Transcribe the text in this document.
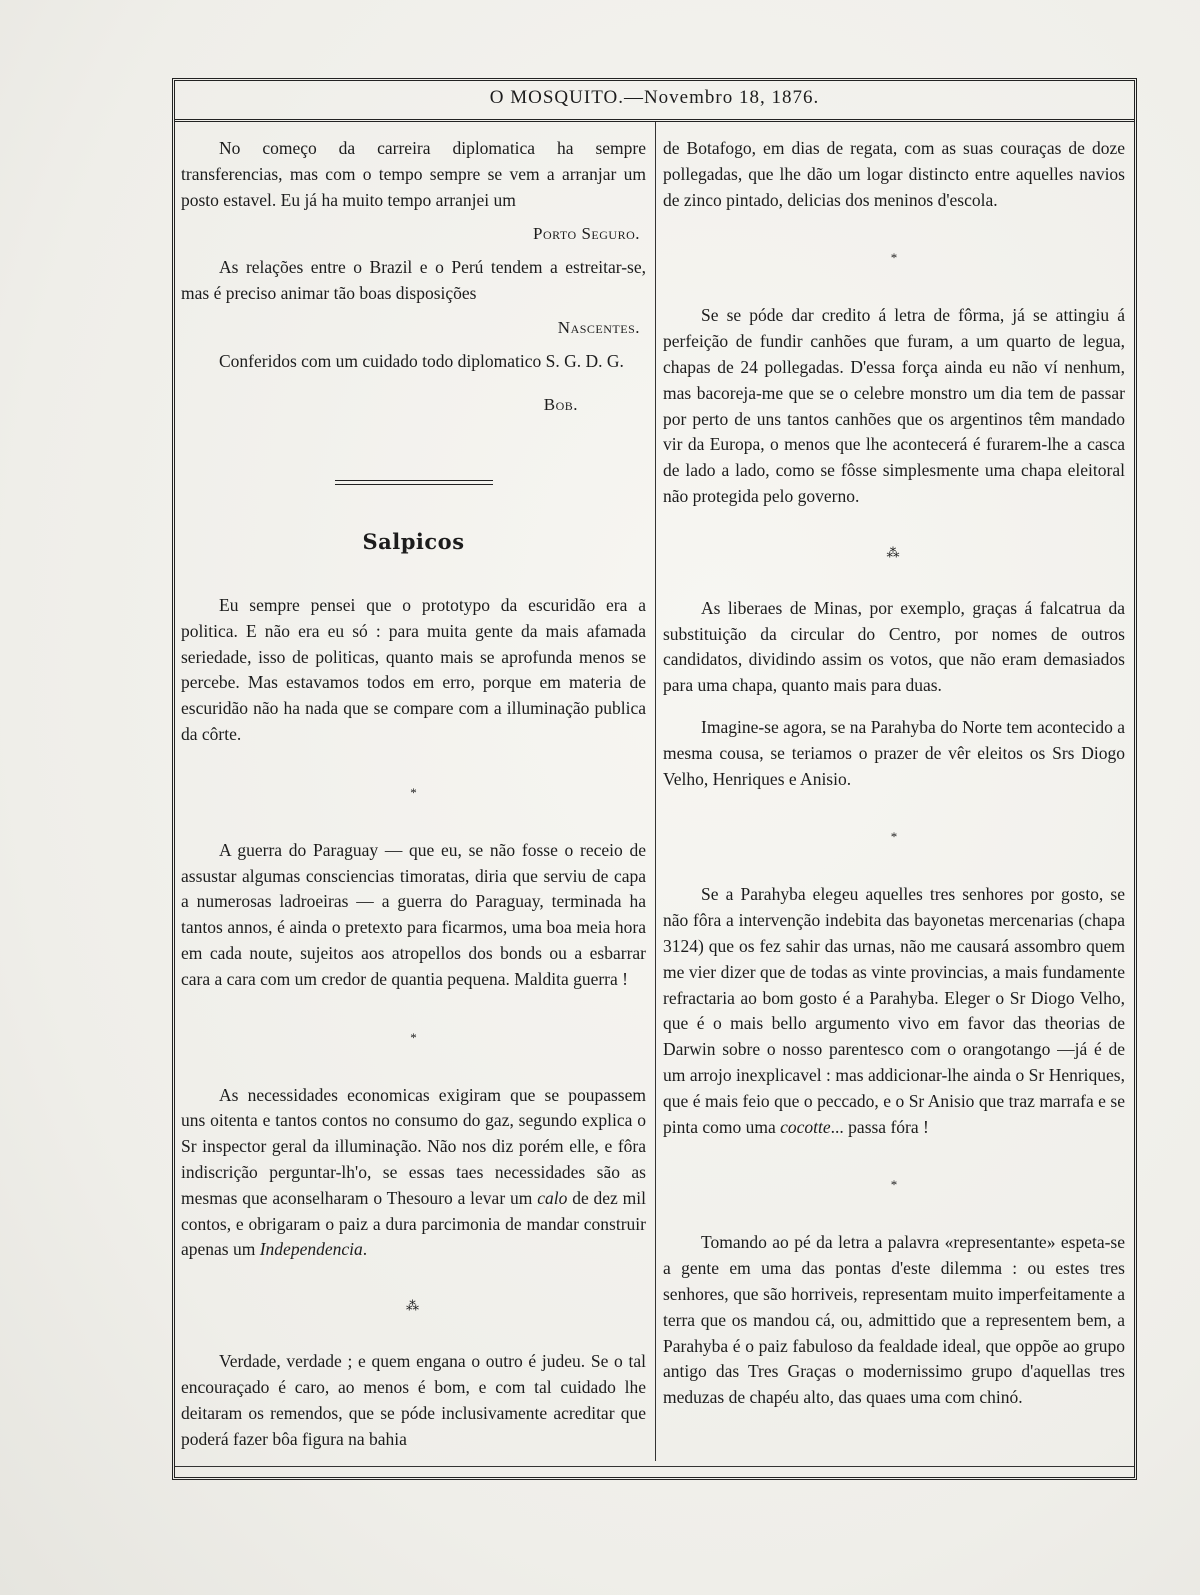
O MOSQUITO.—Novembro 18, 1876.

No começo da carreira diplomatica ha sempre transferencias, mas com o tempo sempre se vem a arranjar um posto estavel. Eu já ha muito tempo arranjei um

Porto Seguro.

As relações entre o Brazil e o Perú tendem a estreitar-se, mas é preciso animar tão boas disposições

Nascentes.

Conferidos com um cuidado todo diplomatico S. G. D. G.

Bob.
Salpicos

Eu sempre pensei que o prototypo da escuridão era a politica. E não era eu só : para muita gente da mais afamada seriedade, isso de politicas, quanto mais se aprofunda menos se percebe. Mas estavamos todos em erro, porque em materia de escuridão não ha nada que se compare com a illuminação publica da côrte.

*

A guerra do Paraguay — que eu, se não fosse o receio de assustar algumas consciencias timoratas, diria que serviu de capa a numerosas ladroeiras — a guerra do Paraguay, terminada ha tantos annos, é ainda o pretexto para ficarmos, uma boa meia hora em cada noute, sujeitos aos atropellos dos bonds ou a esbarrar cara a cara com um credor de quantia pequena. Maldita guerra !

*

As necessidades economicas exigiram que se poupassem uns oitenta e tantos contos no consumo do gaz, segundo explica o Sr inspector geral da illuminação. Não nos diz porém elle, e fôra indiscrição perguntar-lh'o, se essas taes necessidades são as mesmas que aconselharam o Thesouro a levar um calo de dez mil contos, e obrigaram o paiz a dura parcimonia de mandar construir apenas um Independencia.

⁂

Verdade, verdade ; e quem engana o outro é judeu. Se o tal encouraçado é caro, ao menos é bom, e com tal cuidado lhe deitaram os remendos, que se póde inclusivamente acreditar que poderá fazer bôa figura na bahia

de Botafogo, em dias de regata, com as suas couraças de doze pollegadas, que lhe dão um logar distincto entre aquelles navios de zinco pintado, delicias dos meninos d'escola.

*

Se se póde dar credito á letra de fôrma, já se attingiu á perfeição de fundir canhões que furam, a um quarto de legua, chapas de 24 pollegadas. D'essa força ainda eu não ví nenhum, mas bacoreja-me que se o celebre monstro um dia tem de passar por perto de uns tantos canhões que os argentinos têm mandado vir da Europa, o menos que lhe acontecerá é furarem-lhe a casca de lado a lado, como se fôsse simplesmente uma chapa eleitoral não protegida pelo governo.

⁂

As liberaes de Minas, por exemplo, graças á falcatrua da substituição da circular do Centro, por nomes de outros candidatos, dividindo assim os votos, que não eram demasiados para uma chapa, quanto mais para duas.

Imagine-se agora, se na Parahyba do Norte tem acontecido a mesma cousa, se teriamos o prazer de vêr eleitos os Srs Diogo Velho, Henriques e Anisio.

*

Se a Parahyba elegeu aquelles tres senhores por gosto, se não fôra a intervenção indebita das bayonetas mercenarias (chapa 3124) que os fez sahir das urnas, não me causará assombro quem me vier dizer que de todas as vinte provincias, a mais fundamente refractaria ao bom gosto é a Parahyba. Eleger o Sr Diogo Velho, que é o mais bello argumento vivo em favor das theorias de Darwin sobre o nosso parentesco com o orangotango —já é de um arrojo inexplicavel : mas addicionar-lhe ainda o Sr Henriques, que é mais feio que o peccado, e o Sr Anisio que traz marrafa e se pinta como uma cocotte... passa fóra !

*

Tomando ao pé da letra a palavra «representante» espeta-se a gente em uma das pontas d'este dilemma : ou estes tres senhores, que são horriveis, representam muito imperfeitamente a terra que os mandou cá, ou, admittido que a representem bem, a Parahyba é o paiz fabuloso da fealdade ideal, que oppõe ao grupo antigo das Tres Graças o modernissimo grupo d'aquellas tres meduzas de chapéu alto, das quaes uma com chinó.
